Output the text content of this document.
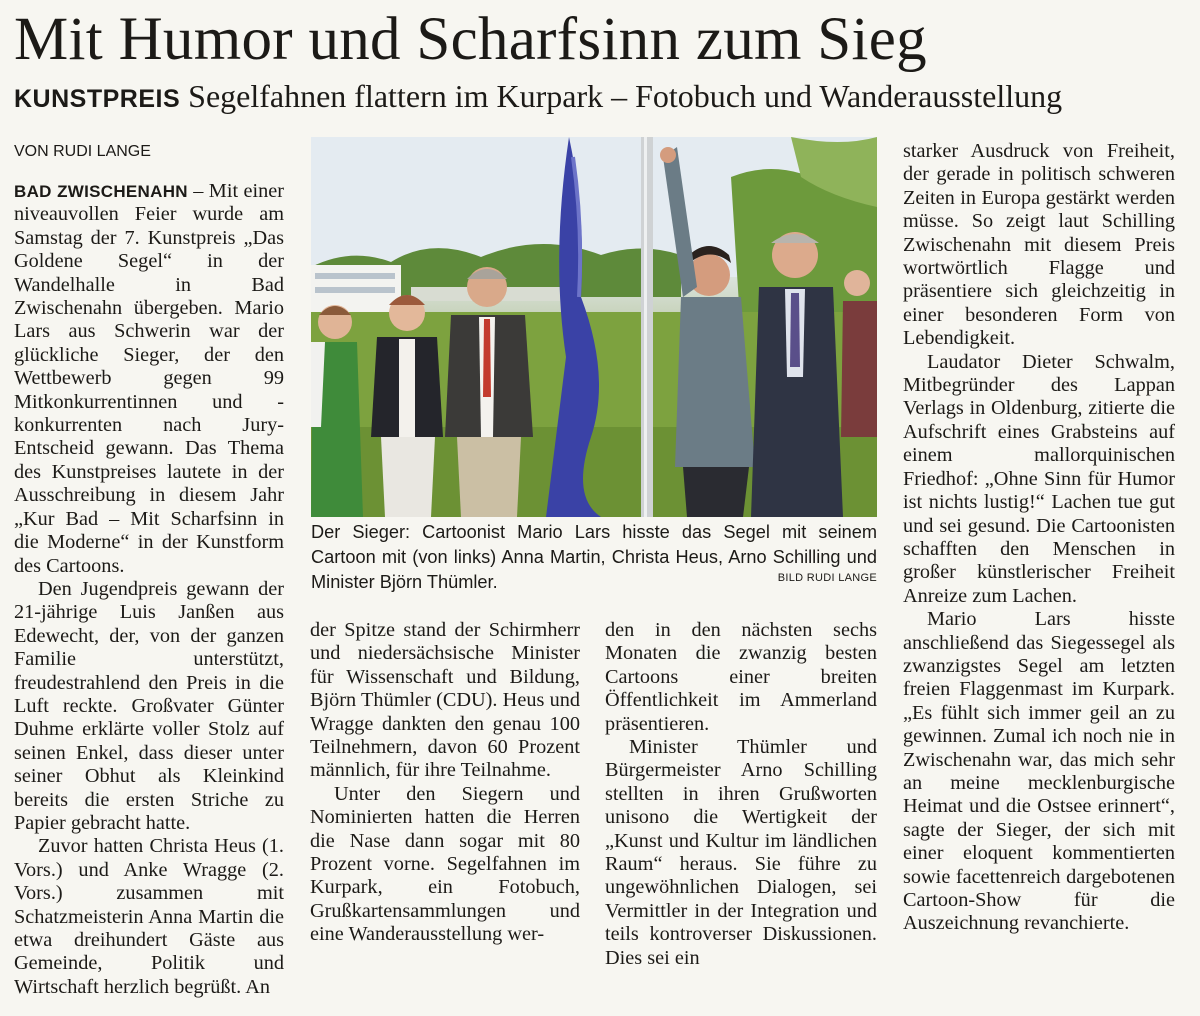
Mit Humor und Scharfsinn zum Sieg
KUNSTPREIS Segelfahnen flattern im Kurpark – Fotobuch und Wanderausstellung
VON RUDI LANGE

BAD ZWISCHENAHN – Mit einer niveauvollen Feier wurde am Samstag der 7. Kunstpreis „Das Goldene Segel“ in der Wandelhalle in Bad Zwischenahn übergeben. Mario Lars aus Schwerin war der glückliche Sieger, der den Wettbewerb gegen 99 Mitkonkurrentinnen und -konkurrenten nach Jury-Entscheid gewann. Das Thema des Kunstpreises lautete in der Ausschreibung in diesem Jahr „Kur Bad – Mit Scharfsinn in die Moderne“ in der Kunstform des Cartoons.

Den Jugendpreis gewann der 21-jährige Luis Janßen aus Edewecht, der, von der ganzen Familie unterstützt, freudestrahlend den Preis in die Luft reckte. Großvater Günter Duhme erklärte voller Stolz auf seinen Enkel, dass dieser unter seiner Obhut als Kleinkind bereits die ersten Striche zu Papier gebracht hatte.

Zuvor hatten Christa Heus (1. Vors.) und Anke Wragge (2. Vors.) zusammen mit Schatzmeisterin Anna Martin die etwa dreihundert Gäste aus Gemeinde, Politik und Wirtschaft herzlich begrüßt. An

Der Sieger: Cartoonist Mario Lars hisste das Segel mit seinem Cartoon mit (von links) Anna Martin, Christa Heus, Arno Schilling und Minister Björn Thümler.	BILD RUDI LANGE

der Spitze stand der Schirmherr und niedersächsische Minister für Wissenschaft und Bildung, Björn Thümler (CDU). Heus und Wragge dankten den genau 100 Teilnehmern, davon 60 Prozent männlich, für ihre Teilnahme.

Unter den Siegern und Nominierten hatten die Herren die Nase dann sogar mit 80 Prozent vorne. Segelfahnen im Kurpark, ein Fotobuch, Grußkartensammlungen und eine Wanderausstellung wer-

den in den nächsten sechs Monaten die zwanzig besten Cartoons einer breiten Öffentlichkeit im Ammerland präsentieren.

Minister Thümler und Bürgermeister Arno Schilling stellten in ihren Grußworten unisono die Wertigkeit der „Kunst und Kultur im ländlichen Raum“ heraus. Sie führe zu ungewöhnlichen Dialogen, sei Vermittler in der Integration und teils kontroverser Diskussionen. Dies sei ein

starker Ausdruck von Freiheit, der gerade in politisch schweren Zeiten in Europa gestärkt werden müsse. So zeigt laut Schilling Zwischenahn mit diesem Preis wortwörtlich Flagge und präsentiere sich gleichzeitig in einer besonderen Form von Lebendigkeit.

Laudator Dieter Schwalm, Mitbegründer des Lappan Verlags in Oldenburg, zitierte die Aufschrift eines Grabsteins auf einem mallorquinischen Friedhof: „Ohne Sinn für Humor ist nichts lustig!“ Lachen tue gut und sei gesund. Die Cartoonisten schafften den Menschen in großer künstlerischer Freiheit Anreize zum Lachen.

Mario Lars hisste anschließend das Siegessegel als zwanzigstes Segel am letzten freien Flaggenmast im Kurpark. „Es fühlt sich immer geil an zu gewinnen. Zumal ich noch nie in Zwischenahn war, das mich sehr an meine mecklenburgische Heimat und die Ostsee erinnert“, sagte der Sieger, der sich mit einer eloquent kommentierten sowie facettenreich dargebotenen Cartoon-Show für die Auszeichnung revanchierte.
